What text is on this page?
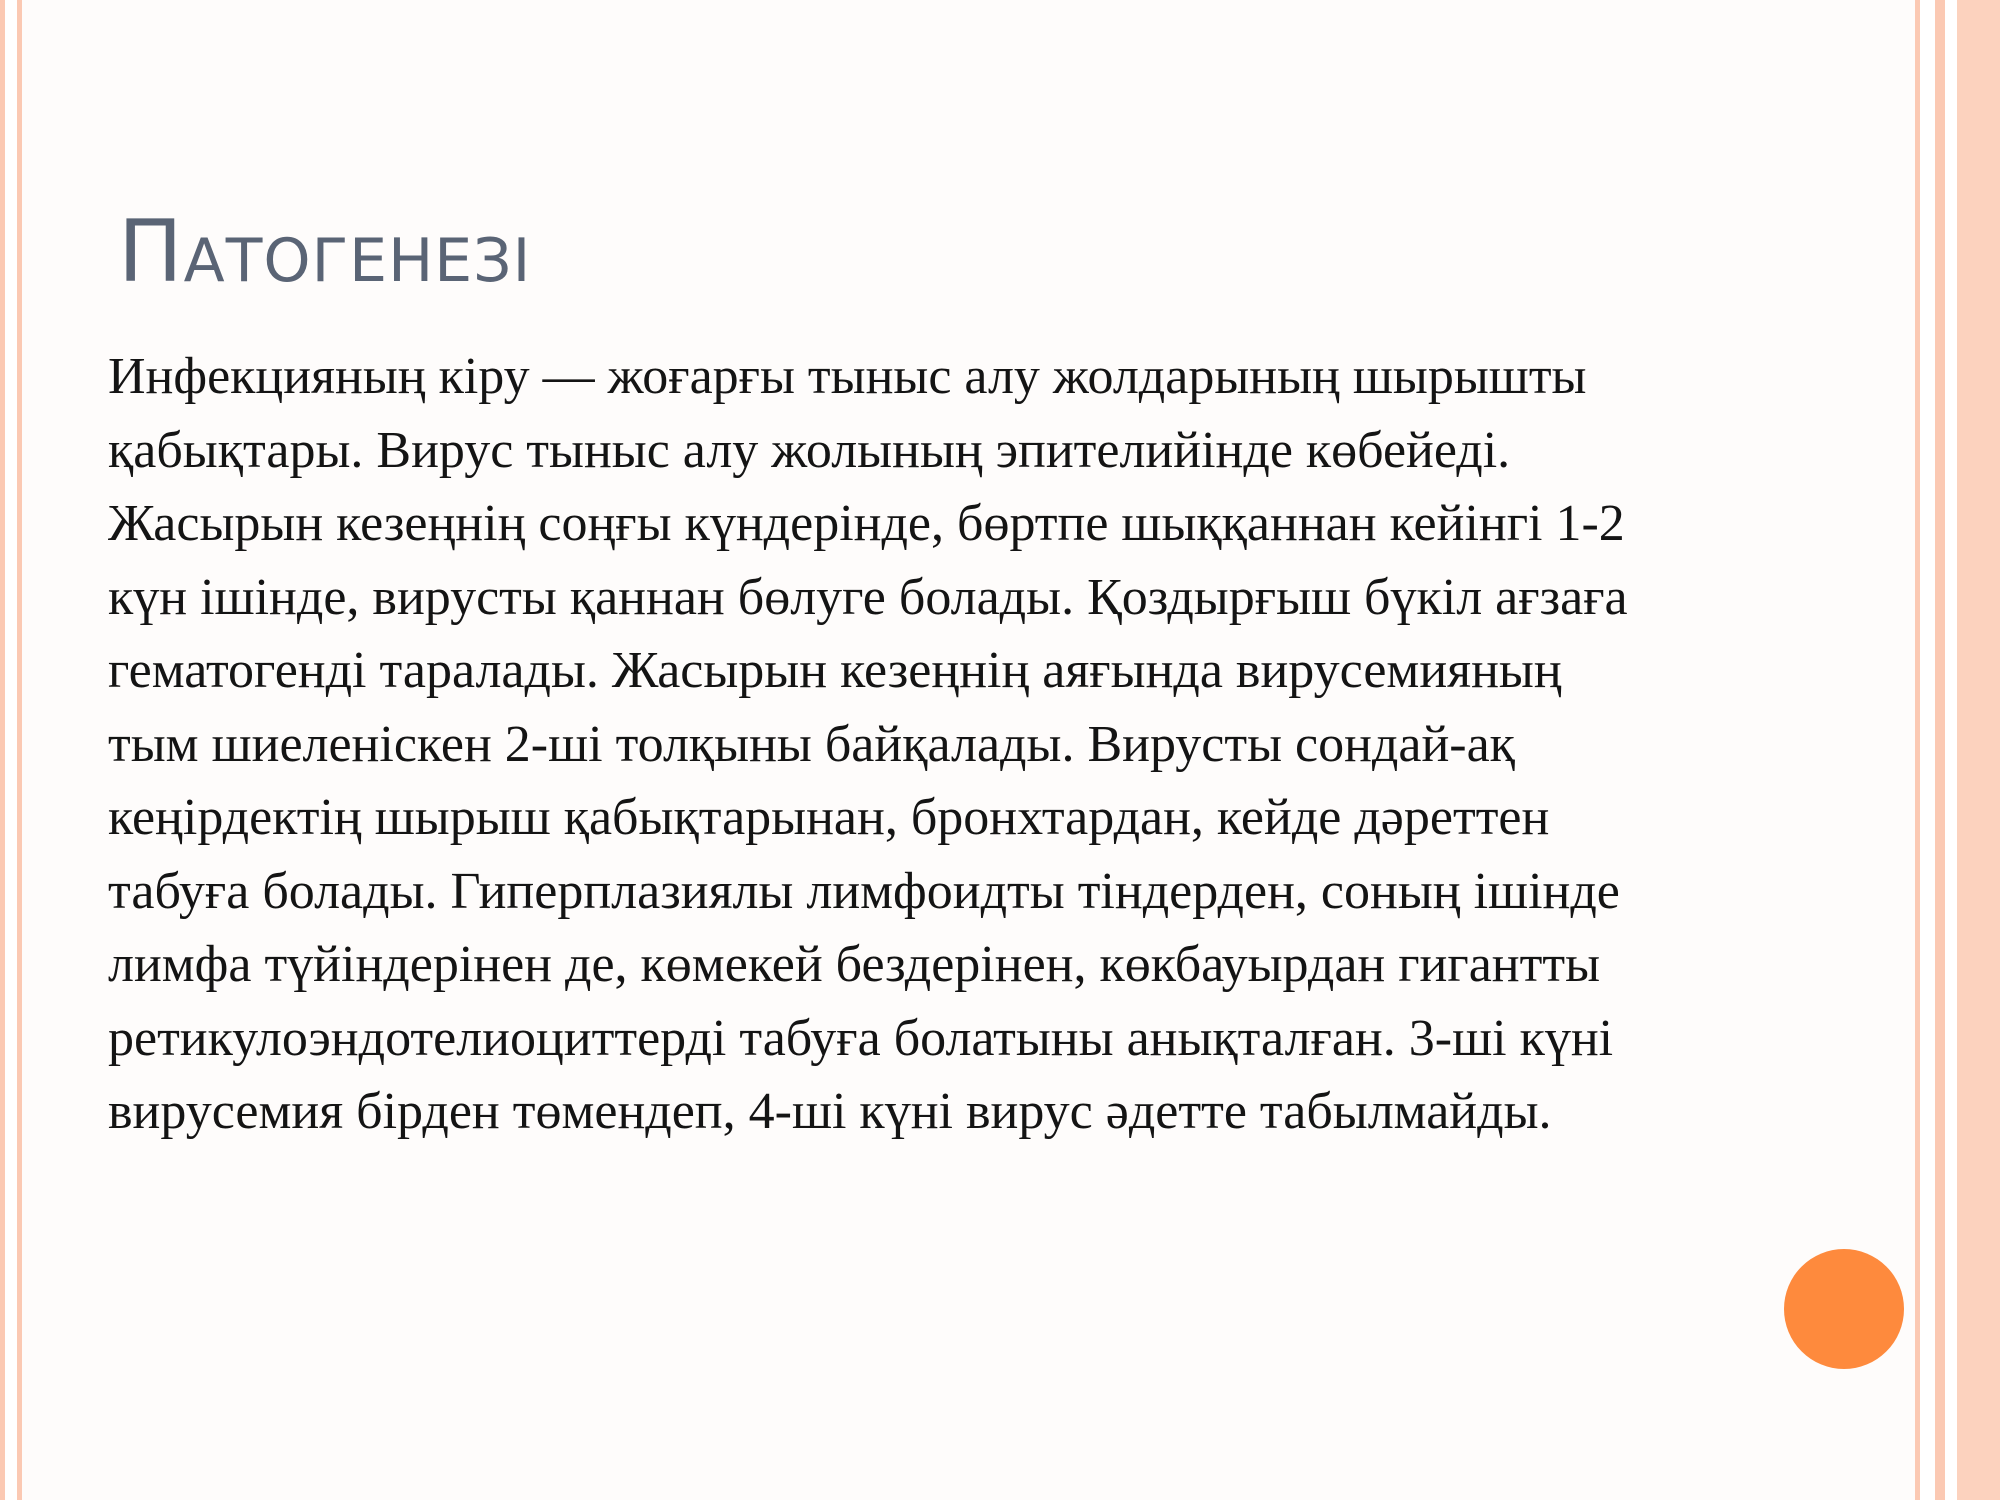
Патогенезі

Инфекцияның кіру — жоғарғы тыныс алу жолдарының шырышты
қабықтары. Вирус тыныс алу жолының эпителийінде көбейеді.
Жасырын кезеңнің соңғы күндерінде, бөртпе шыққаннан кейінгі 1-2
күн ішінде, вирусты қаннан бөлуге болады. Қоздырғыш бүкіл ағзаға
гематогенді таралады. Жасырын кезеңнің аяғында вирусемияның
тым шиеленіскен 2-ші толқыны байқалады. Вирусты сондай-ақ
кеңірдектің шырыш қабықтарынан, бронхтардан, кейде дәреттен
табуға болады. Гиперплазиялы лимфоидты тіндерден, соның ішінде
лимфа түйіндерінен де, көмекей бездерінен, көкбауырдан гигантты
ретикулоэндотелиоциттерді табуға болатыны анықталған. 3-ші күні
вирусемия бірден төмендеп, 4-ші күні вирус әдетте табылмайды.
